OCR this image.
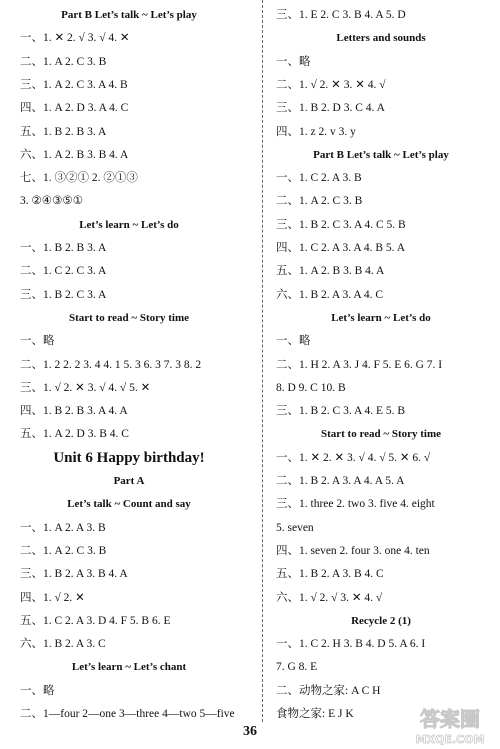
Part B Let’s talk ~ Let’s play
一、1. ✕ 2. √ 3. √ 4. ✕
二、1. A 2. C 3. B
三、1. A 2. C 3. A 4. B
四、1. A 2. D 3. A 4. C
五、1. B 2. B 3. A
六、1. A 2. B 3. B 4. A
七、1. ③②① 2. ②①③
3. ②④③⑤①
Let’s learn ~ Let’s do
一、1. B 2. B 3. A
二、1. C 2. C 3. A
三、1. B 2. C 3. A
Start to read ~ Story time
一、略
二、1. 2 2. 2 3. 4 4. 1 5. 3 6. 3 7. 3 8. 2
三、1. √ 2. ✕ 3. √ 4. √ 5. ✕
四、1. B 2. B 3. A 4. A
五、1. A 2. D 3. B 4. C
Unit 6 Happy birthday!
Part A
Let’s talk ~ Count and say
一、1. A 2. A 3. B
二、1. A 2. C 3. B
三、1. B 2. A 3. B 4. A
四、1. √ 2. ✕
五、1. C 2. A 3. D 4. F 5. B 6. E
六、1. B 2. A 3. C
Let’s learn ~ Let’s chant
一、略
二、1—four 2—one 3—three 4—two 5—five
三、1. E 2. C 3. B 4. A 5. D
Letters and sounds
一、略
二、1. √ 2. ✕ 3. ✕ 4. √
三、1. B 2. D 3. C 4. A
四、1. z 2. v 3. y
Part B Let’s talk ~ Let’s play
一、1. C 2. A 3. B
二、1. A 2. C 3. B
三、1. B 2. C 3. A 4. C 5. B
四、1. C 2. A 3. A 4. B 5. A
五、1. A 2. B 3. B 4. A
六、1. B 2. A 3. A 4. C
Let’s learn ~ Let’s do
一、略
二、1. H 2. A 3. J 4. F 5. E 6. G 7. I
8. D 9. C 10. B
三、1. B 2. C 3. A 4. E 5. B
Start to read ~ Story time
一、1. ✕ 2. ✕ 3. √ 4. √ 5. ✕ 6. √
二、1. B 2. A 3. A 4. A 5. A
三、1. three 2. two 3. five 4. eight
5. seven
四、1. seven 2. four 3. one 4. ten
五、1. B 2. A 3. B 4. C
六、1. √ 2. √ 3. ✕ 4. √
Recycle 2 (1)
一、1. C 2. H 3. B 4. D 5. A 6. I
7. G 8. E
二、动物之家: A C H
食物之家: E J K
36
答案圈
MXQE.COM
